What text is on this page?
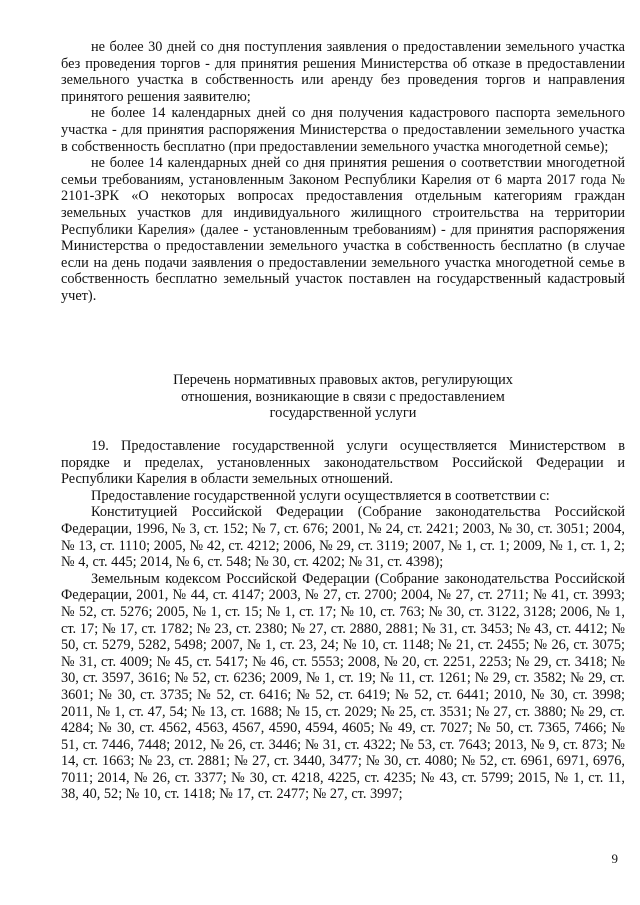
не более 30 дней со дня поступления заявления о предоставлении земельного участка без проведения торгов - для принятия решения Министерства об отказе в предоставлении земельного участка в собственность или аренду без проведения торгов и направления принятого решения заявителю;

не более 14 календарных дней со дня получения кадастрового паспорта земельного участка - для принятия распоряжения Министерства о предоставлении земельного участка в собственность бесплатно (при предоставлении земельного участка многодетной семье);

не более 14 календарных дней со дня принятия решения о соответствии многодетной семьи требованиям, установленным Законом Республики Карелия от 6 марта 2017 года № 2101-ЗРК «О некоторых вопросах предоставления отдельным категориям граждан земельных участков для индивидуального жилищного строительства на территории Республики Карелия» (далее - установленным требованиям) - для принятия распоряжения Министерства о предоставлении земельного участка в собственность бесплатно (в случае если на день подачи заявления о предоставлении земельного участка многодетной семье в собственность бесплатно земельный участок поставлен на государственный кадастровый учет).

Перечень нормативных правовых актов, регулирующих
отношения, возникающие в связи с предоставлением
государственной услуги

19. Предоставление государственной услуги осуществляется Министерством в порядке и пределах, установленных законодательством Российской Федерации и Республики Карелия в области земельных отношений.

Предоставление государственной услуги осуществляется в соответствии с:

Конституцией Российской Федерации (Собрание законодательства Российской Федерации, 1996, № 3, ст. 152; № 7, ст. 676; 2001, № 24, ст. 2421; 2003, № 30, ст. 3051; 2004, № 13, ст. 1110; 2005, № 42, ст. 4212; 2006, № 29, ст. 3119; 2007, № 1, ст. 1; 2009, № 1, ст. 1, 2; № 4, ст. 445; 2014, № 6, ст. 548; № 30, ст. 4202; № 31, ст. 4398);

Земельным кодексом Российской Федерации (Собрание законодательства Российской Федерации, 2001, № 44, ст. 4147; 2003, № 27, ст. 2700; 2004, № 27, ст. 2711; № 41, ст. 3993; № 52, ст. 5276; 2005, № 1, ст. 15; № 1, ст. 17; № 10, ст. 763; № 30, ст. 3122, 3128; 2006, № 1, ст. 17; № 17, ст. 1782; № 23, ст. 2380; № 27, ст. 2880, 2881; № 31, ст. 3453; № 43, ст. 4412; № 50, ст. 5279, 5282, 5498; 2007, № 1, ст. 23, 24; № 10, ст. 1148; № 21, ст. 2455; № 26, ст. 3075; № 31, ст. 4009; № 45, ст. 5417; № 46, ст. 5553; 2008, № 20, ст. 2251, 2253; № 29, ст. 3418; № 30, ст. 3597, 3616; № 52, ст. 6236; 2009, № 1, ст. 19; № 11, ст. 1261; № 29, ст. 3582; № 29, ст. 3601; № 30, ст. 3735; № 52, ст. 6416; № 52, ст. 6419; № 52, ст. 6441; 2010, № 30, ст. 3998; 2011, № 1, ст. 47, 54; № 13, ст. 1688; № 15, ст. 2029; № 25, ст. 3531; № 27, ст. 3880; № 29, ст. 4284; № 30, ст. 4562, 4563, 4567, 4590, 4594, 4605; № 49, ст. 7027; № 50, ст. 7365, 7466; № 51, ст. 7446, 7448; 2012, № 26, ст. 3446; № 31, ст. 4322; № 53, ст. 7643; 2013, № 9, ст. 873; № 14, ст. 1663; № 23, ст. 2881; № 27, ст. 3440, 3477; № 30, ст. 4080; № 52, ст. 6961, 6971, 6976, 7011; 2014, № 26, ст. 3377; № 30, ст. 4218, 4225, ст. 4235; № 43, ст. 5799; 2015, № 1, ст. 11, 38, 40, 52; № 10, ст. 1418; № 17, ст. 2477; № 27, ст. 3997;

9
